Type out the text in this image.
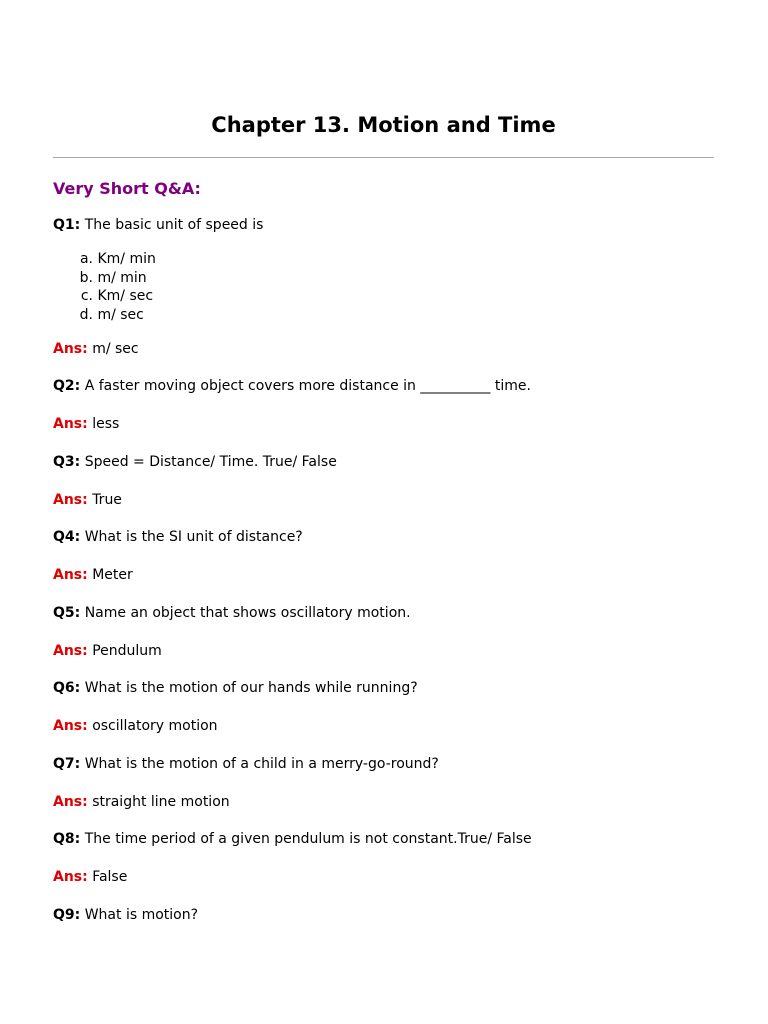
Chapter 13. Motion and Time
Very Short Q&A:

Q1: The basic unit of speed is

a. Km/ min
b. m/ min
c. Km/ sec
d. m/ sec

Ans: m/ sec

Q2: A faster moving object covers more distance in __________ time.

Ans: less

Q3: Speed = Distance/ Time. True/ False

Ans: True

Q4: What is the SI unit of distance?

Ans: Meter

Q5: Name an object that shows oscillatory motion.

Ans: Pendulum

Q6: What is the motion of our hands while running?

Ans: oscillatory motion

Q7: What is the motion of a child in a merry-go-round?

Ans: straight line motion

Q8: The time period of a given pendulum is not constant.True/ False

Ans: False

Q9: What is motion?
